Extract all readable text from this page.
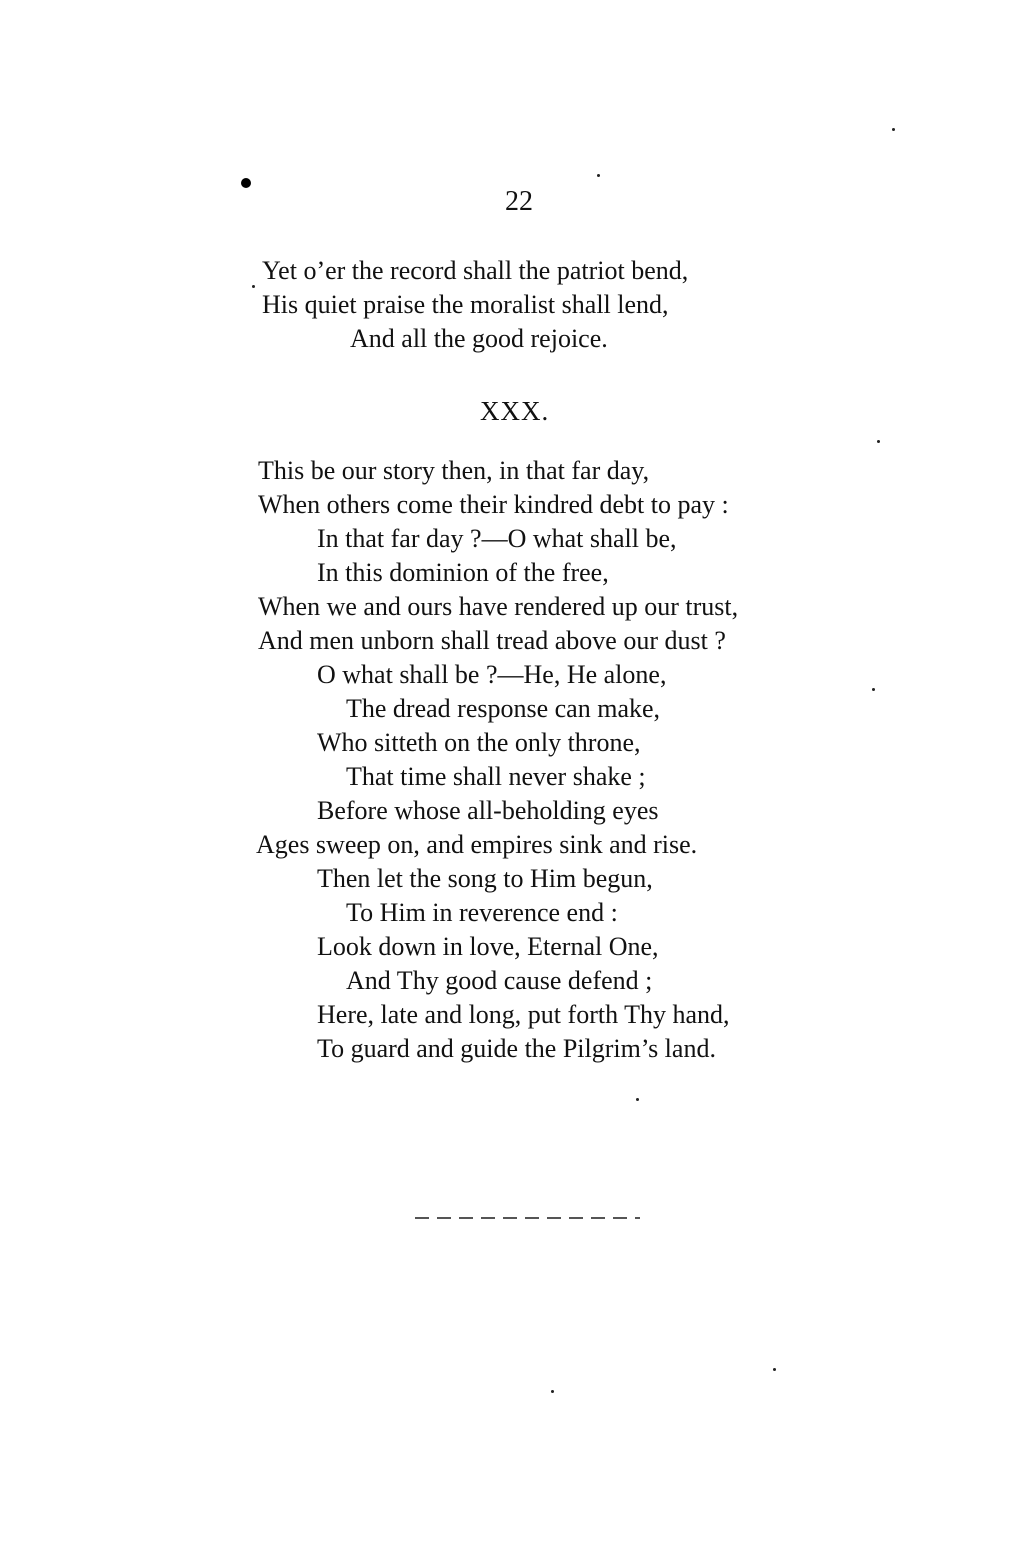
22
Yet o’er the record shall the patriot bend,
His quiet praise the moralist shall lend,
And all the good rejoice.
XXX.
This be our story then, in that far day,
When others come their kindred debt to pay :
In that far day ?—O what shall be,
In this dominion of the free,
When we and ours have rendered up our trust,
And men unborn shall tread above our dust ?
O what shall be ?—He, He alone,
The dread response can make,
Who sitteth on the only throne,
That time shall never shake ;
Before whose all-beholding eyes
Ages sweep on, and empires sink and rise.
Then let the song to Him begun,
To Him in reverence end :
Look down in love, Eternal One,
And Thy good cause defend ;
Here, late and long, put forth Thy hand,
To guard and guide the Pilgrim’s land.
